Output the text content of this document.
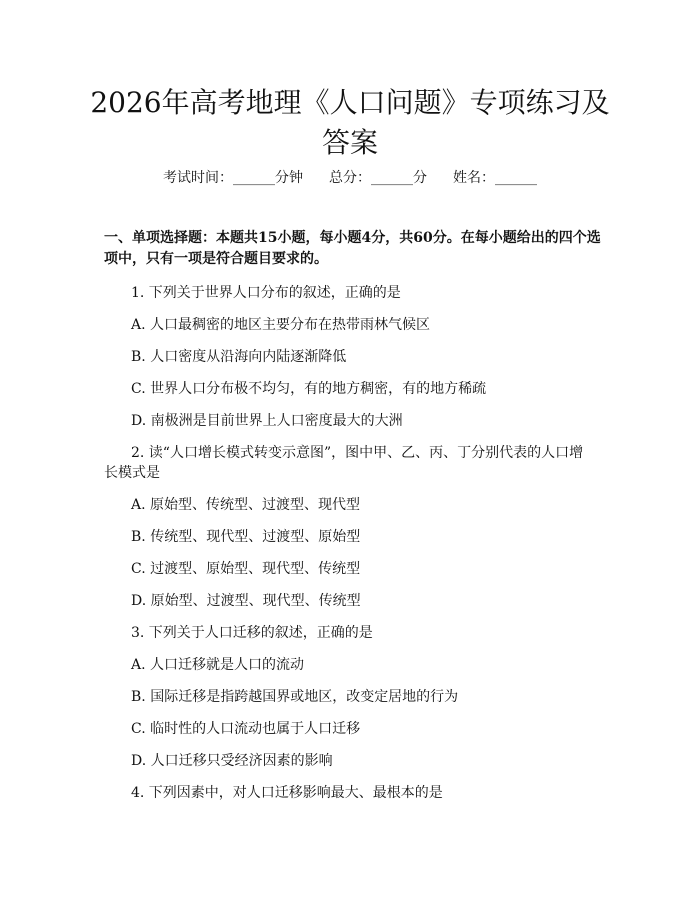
2026年高考地理《人口问题》专项练习及答案
考试时间：______分钟 总分：______分 姓名：______

一、单项选择题：本题共15小题，每小题4分，共60分。在每小题给出的四个选项中，只有一项是符合题目要求的。

1. 下列关于世界人口分布的叙述，正确的是
A. 人口最稠密的地区主要分布在热带雨林气候区
B. 人口密度从沿海向内陆逐渐降低
C. 世界人口分布极不均匀，有的地方稠密，有的地方稀疏
D. 南极洲是目前世界上人口密度最大的大洲
2. 读“人口增长模式转变示意图”，图中甲、乙、丙、丁分别代表的人口增
长模式是
A. 原始型、传统型、过渡型、现代型
B. 传统型、现代型、过渡型、原始型
C. 过渡型、原始型、现代型、传统型
D. 原始型、过渡型、现代型、传统型
3. 下列关于人口迁移的叙述，正确的是
A. 人口迁移就是人口的流动
B. 国际迁移是指跨越国界或地区，改变定居地的行为
C. 临时性的人口流动也属于人口迁移
D. 人口迁移只受经济因素的影响
4. 下列因素中，对人口迁移影响最大、最根本的是
